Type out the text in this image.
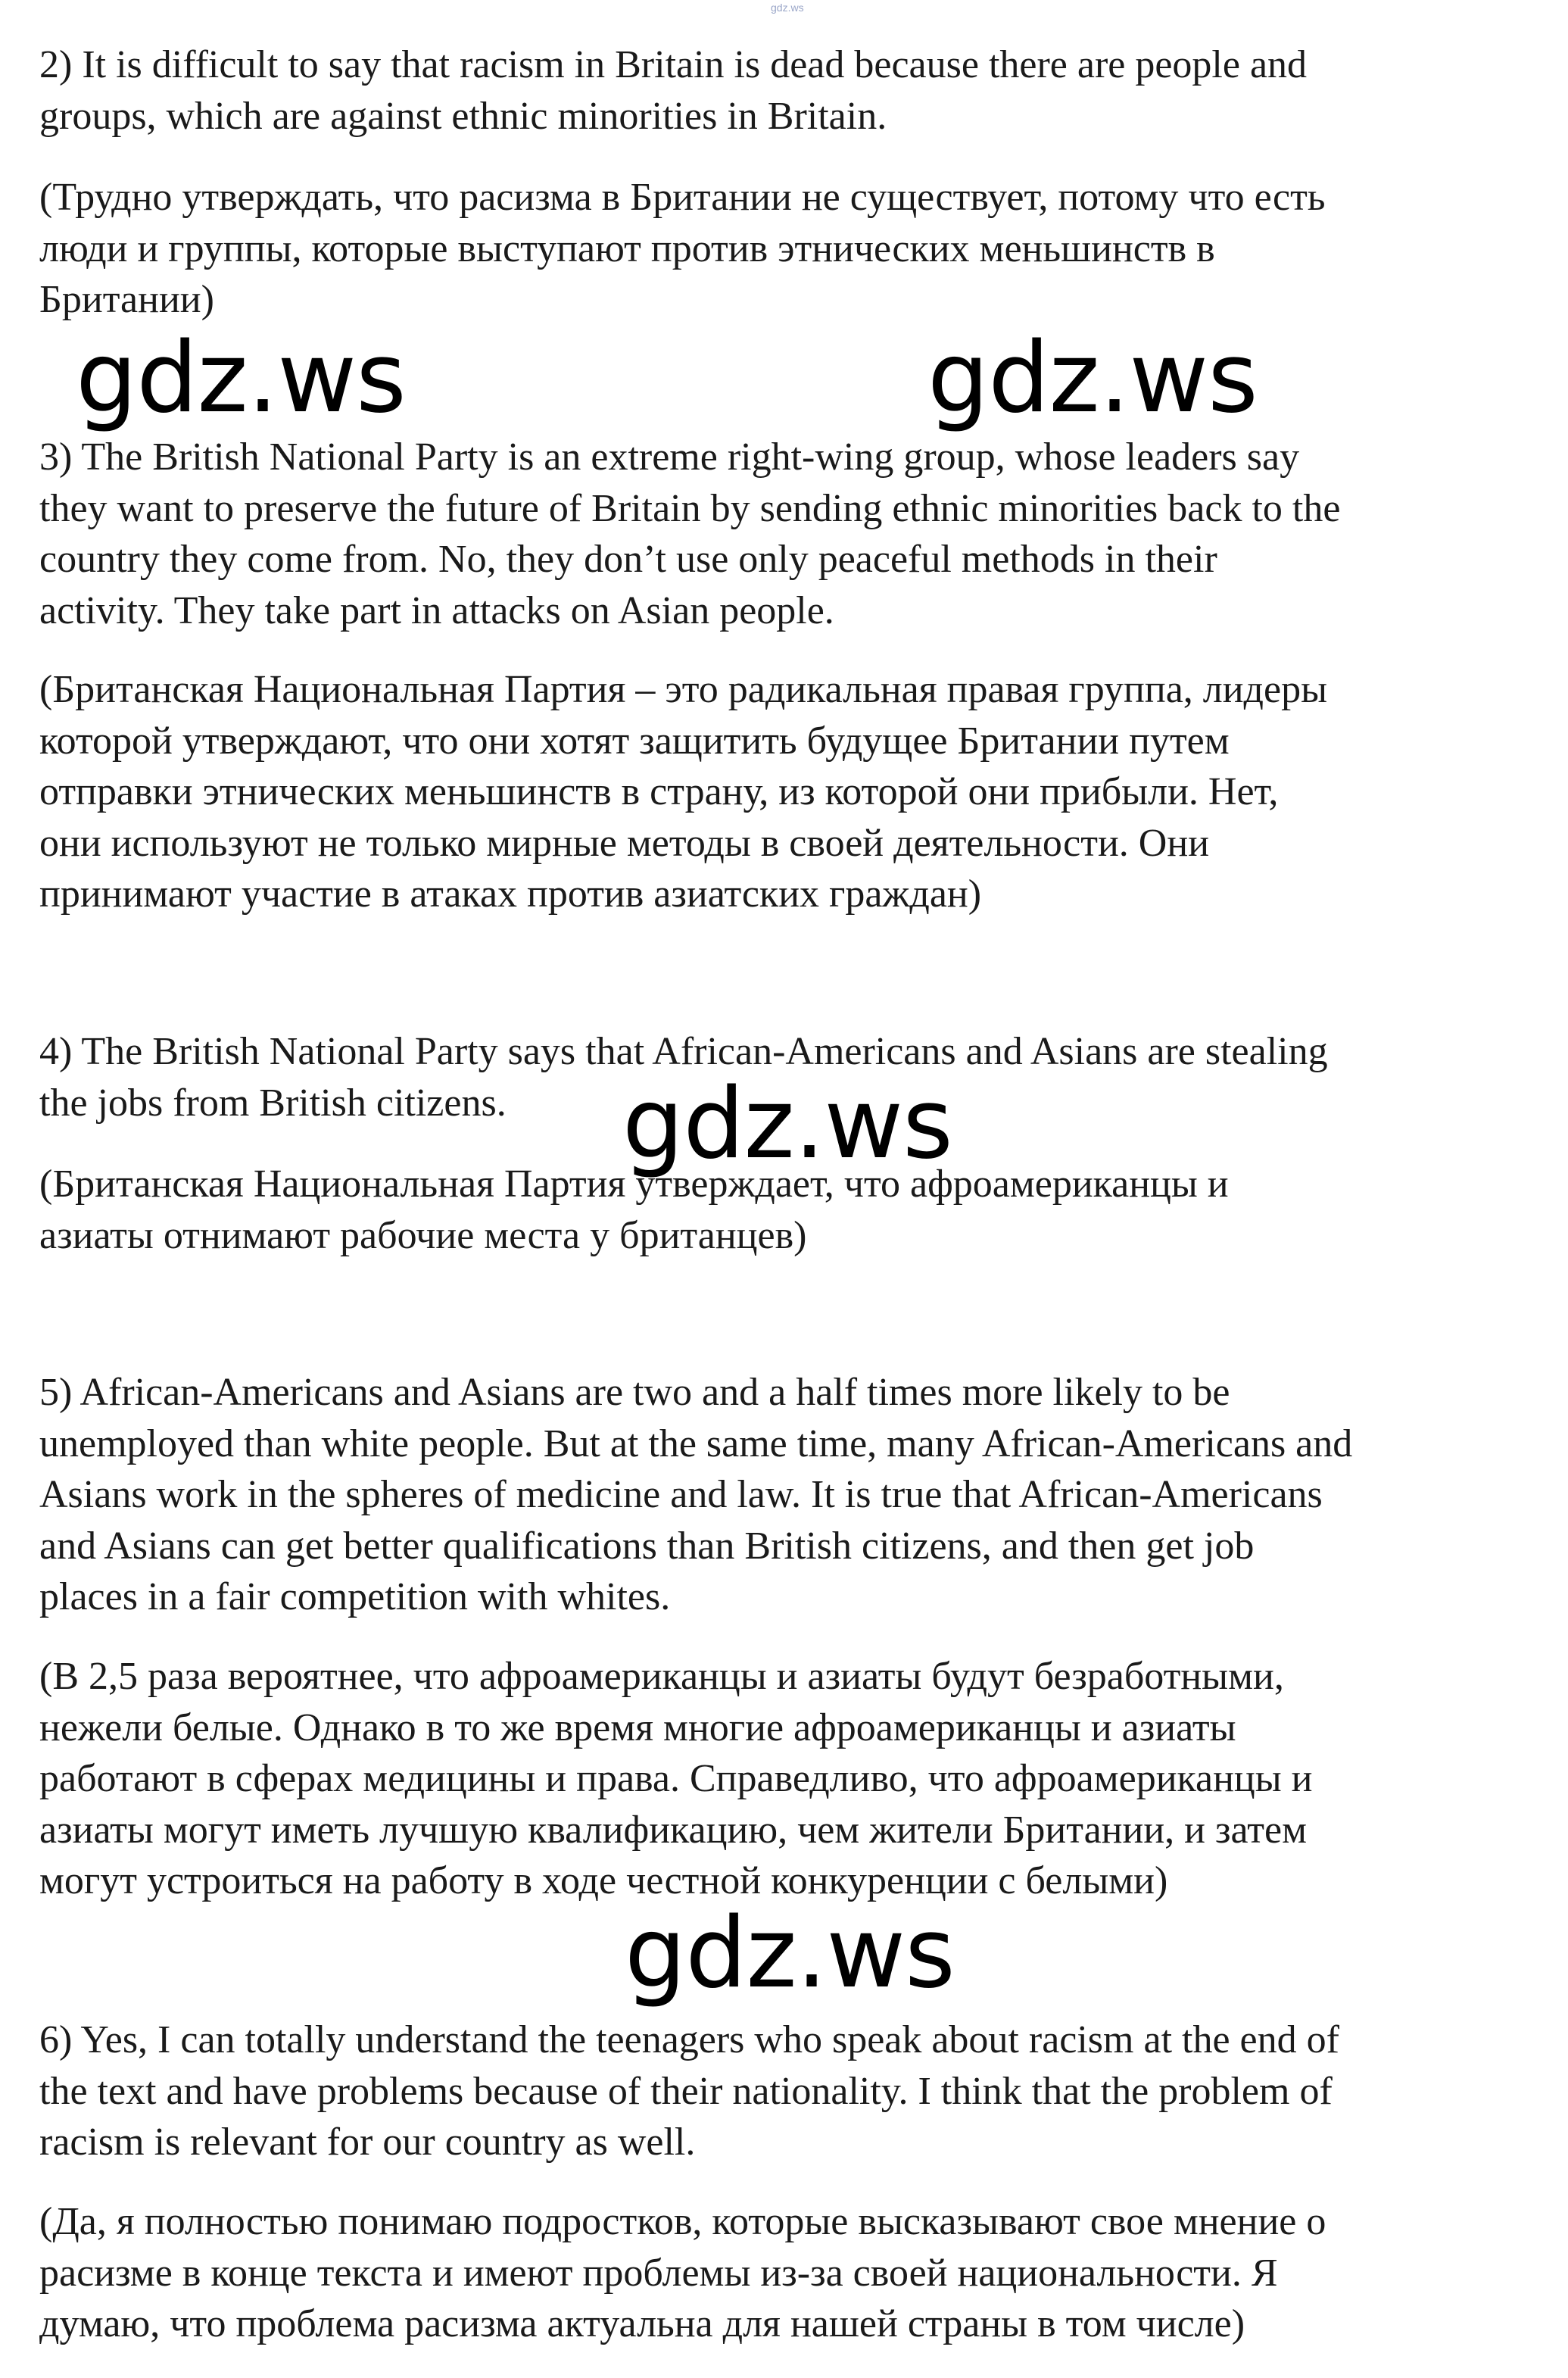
gdz.ws

2) It is difficult to say that racism in Britain is dead because there are people and
groups, which are against ethnic minorities in Britain.

(Трудно утверждать, что расизма в Британии не существует, потому что есть
люди и группы, которые выступают против этнических меньшинств в
Британии)

gdz.ws	gdz.ws

3) The British National Party is an extreme right-wing group, whose leaders say
they want to preserve the future of Britain by sending ethnic minorities back to the
country they come from. No, they don’t use only peaceful methods in their
activity. They take part in attacks on Asian people.

(Британская Национальная Партия – это радикальная правая группа, лидеры
которой утверждают, что они хотят защитить будущее Британии путем
отправки этнических меньшинств в страну, из которой они прибыли. Нет,
они используют не только мирные методы в своей деятельности. Они
принимают участие в атаках против азиатских граждан)

4) The British National Party says that African-Americans and Asians are stealing
the jobs from British citizens.	gdz.ws

(Британская Национальная Партия утверждает, что афроамериканцы и
азиаты отнимают рабочие места у британцев)

5) African-Americans and Asians are two and a half times more likely to be
unemployed than white people. But at the same time, many African-Americans and
Asians work in the spheres of medicine and law. It is true that African-Americans
and Asians can get better qualifications than British citizens, and then get job
places in a fair competition with whites.

(В 2,5 раза вероятнее, что афроамериканцы и азиаты будут безработными,
нежели белые. Однако в то же время многие афроамериканцы и азиаты
работают в сферах медицины и права. Справедливо, что афроамериканцы и
азиаты могут иметь лучшую квалификацию, чем жители Британии, и затем
могут устроиться на работу в ходе честной конкуренции с белыми)

gdz.ws

6) Yes, I can totally understand the teenagers who speak about racism at the end of
the text and have problems because of their nationality. I think that the problem of
racism is relevant for our country as well.

(Да, я полностью понимаю подростков, которые высказывают свое мнение о
расизме в конце текста и имеют проблемы из-за своей национальности. Я
думаю, что проблема расизма актуальна для нашей страны в том числе)
